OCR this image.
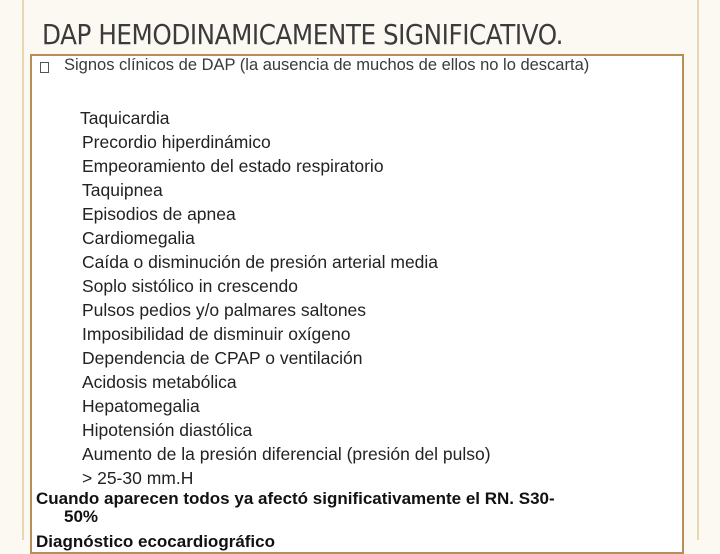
DAP HEMODINAMICAMENTE SIGNIFICATIVO.
Signos clínicos de DAP (la ausencia de muchos de ellos no lo descarta)
Taquicardia
Precordio hiperdinámico
Empeoramiento del estado respiratorio
Taquipnea
Episodios de apnea
Cardiomegalia
Caída o disminución de presión arterial media
Soplo sistólico in crescendo
Pulsos pedios y/o palmares saltones
Imposibilidad de disminuir oxígeno
Dependencia de CPAP o ventilación
Acidosis metabólica
Hepatomegalia
Hipotensión diastólica
Aumento de la presión diferencial (presión del pulso)
> 25-30 mm.H
Cuando aparecen todos ya afectó significativamente el RN. S30-
50%
Diagnóstico ecocardiográfico
